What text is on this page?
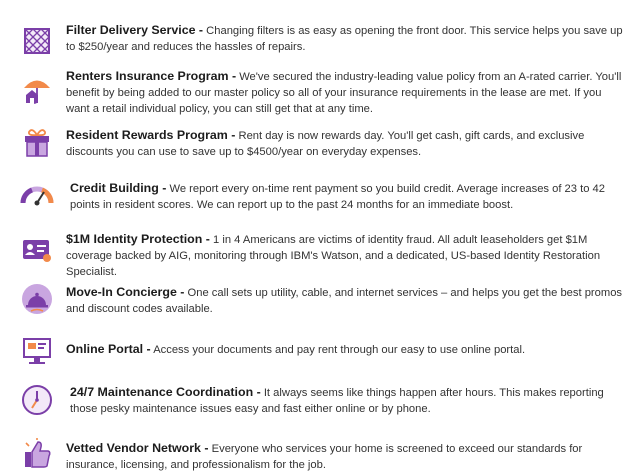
Filter Delivery Service - Changing filters is as easy as opening the front door. This service helps you save up to $250/year and reduces the hassles of repairs.
Renters Insurance Program - We've secured the industry-leading value policy from an A-rated carrier. You'll benefit by being added to our master policy so all of your insurance requirements in the lease are met. If you want a retail individual policy, you can still get that at any time.
Resident Rewards Program - Rent day is now rewards day. You'll get cash, gift cards, and exclusive discounts you can use to save up to $4500/year on everyday expenses.
Credit Building - We report every on-time rent payment so you build credit. Average increases of 23 to 42 points in resident scores. We can report up to the past 24 months for an immediate boost.
$1M Identity Protection - 1 in 4 Americans are victims of identity fraud. All adult leaseholders get $1M coverage backed by AIG, monitoring through IBM's Watson, and a dedicated, US-based Identity Restoration Specialist.
Move-In Concierge - One call sets up utility, cable, and internet services – and helps you get the best promos and discount codes available.
Online Portal - Access your documents and pay rent through our easy to use online portal.
24/7 Maintenance Coordination - It always seems like things happen after hours. This makes reporting those pesky maintenance issues easy and fast either online or by phone.
Vetted Vendor Network - Everyone who services your home is screened to exceed our standards for insurance, licensing, and professionalism for the job.
